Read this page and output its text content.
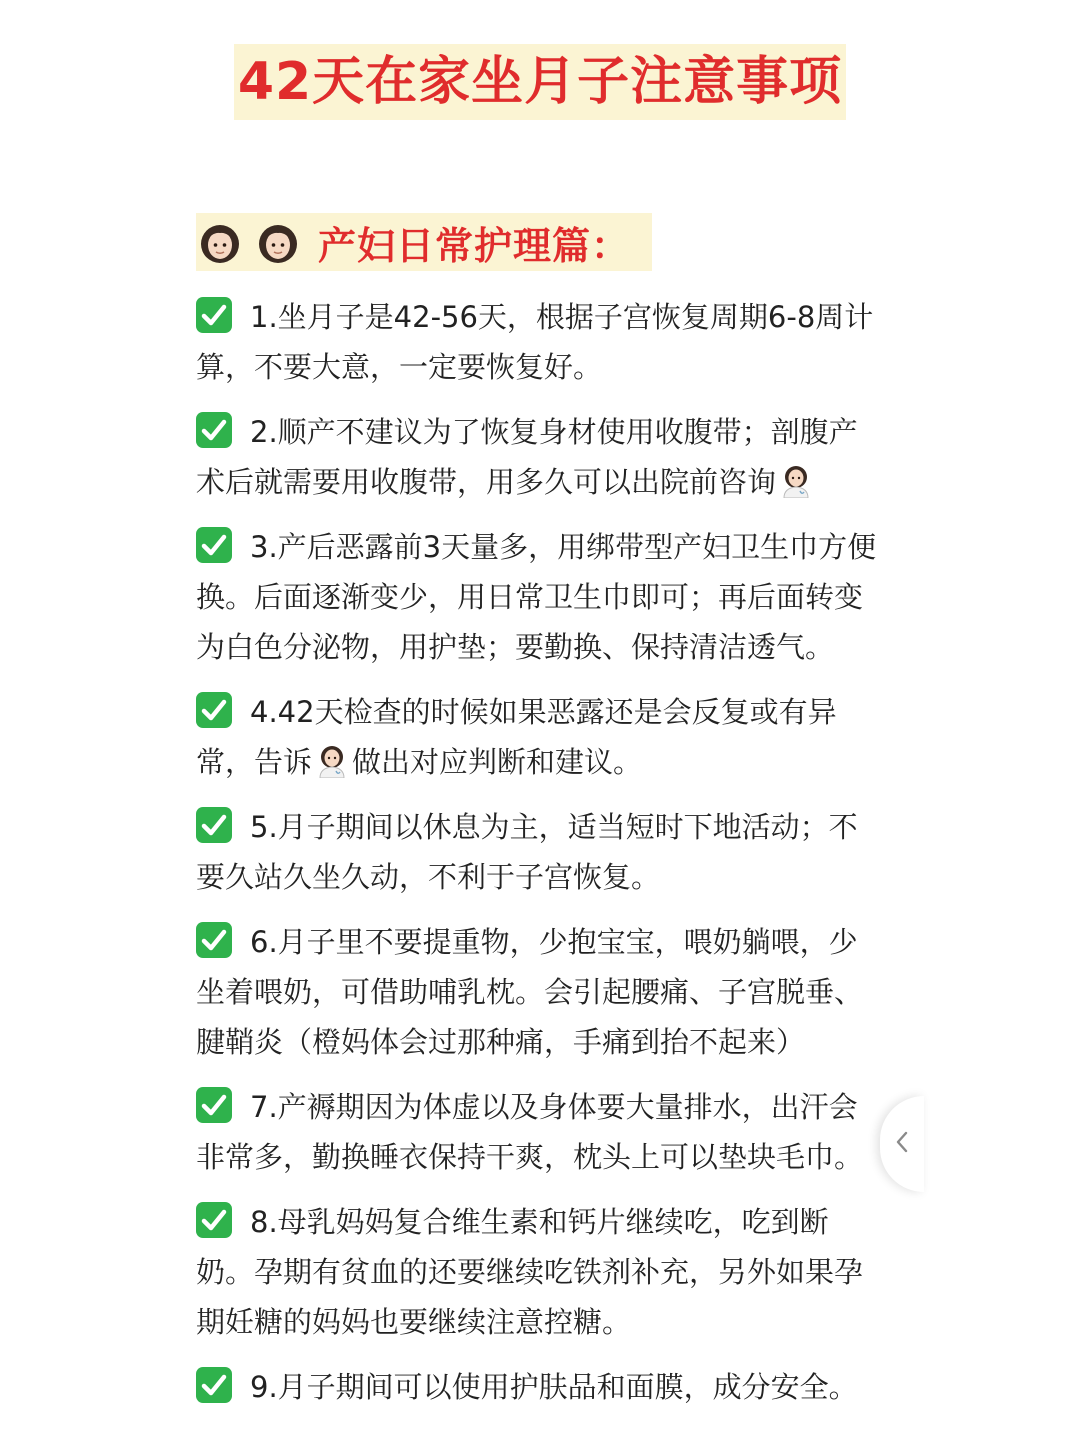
42天在家坐月子注意事项
产妇日常护理篇：
1.坐月子是42-56天，根据子宫恢复周期6-8周计算，不要大意，一定要恢复好。
2.顺产不建议为了恢复身材使用收腹带；剖腹产术后就需要用收腹带，用多久可以出院前咨询
3.产后恶露前3天量多，用绑带型产妇卫生巾方便换。后面逐渐变少，用日常卫生巾即可；再后面转变为白色分泌物，用护垫；要勤换、保持清洁透气。
4.42天检查的时候如果恶露还是会反复或有异常，告诉 做出对应判断和建议。
5.月子期间以休息为主，适当短时下地活动；不要久站久坐久动，不利于子宫恢复。
6.月子里不要提重物，少抱宝宝，喂奶躺喂，少坐着喂奶，可借助哺乳枕。会引起腰痛、子宫脱垂、腱鞘炎（橙妈体会过那种痛，手痛到抬不起来）
7.产褥期因为体虚以及身体要大量排水，出汗会非常多，勤换睡衣保持干爽，枕头上可以垫块毛巾。
8.母乳妈妈复合维生素和钙片继续吃，吃到断奶。孕期有贫血的还要继续吃铁剂补充，另外如果孕期妊糖的妈妈也要继续注意控糖。
9.月子期间可以使用护肤品和面膜，成分安全。
